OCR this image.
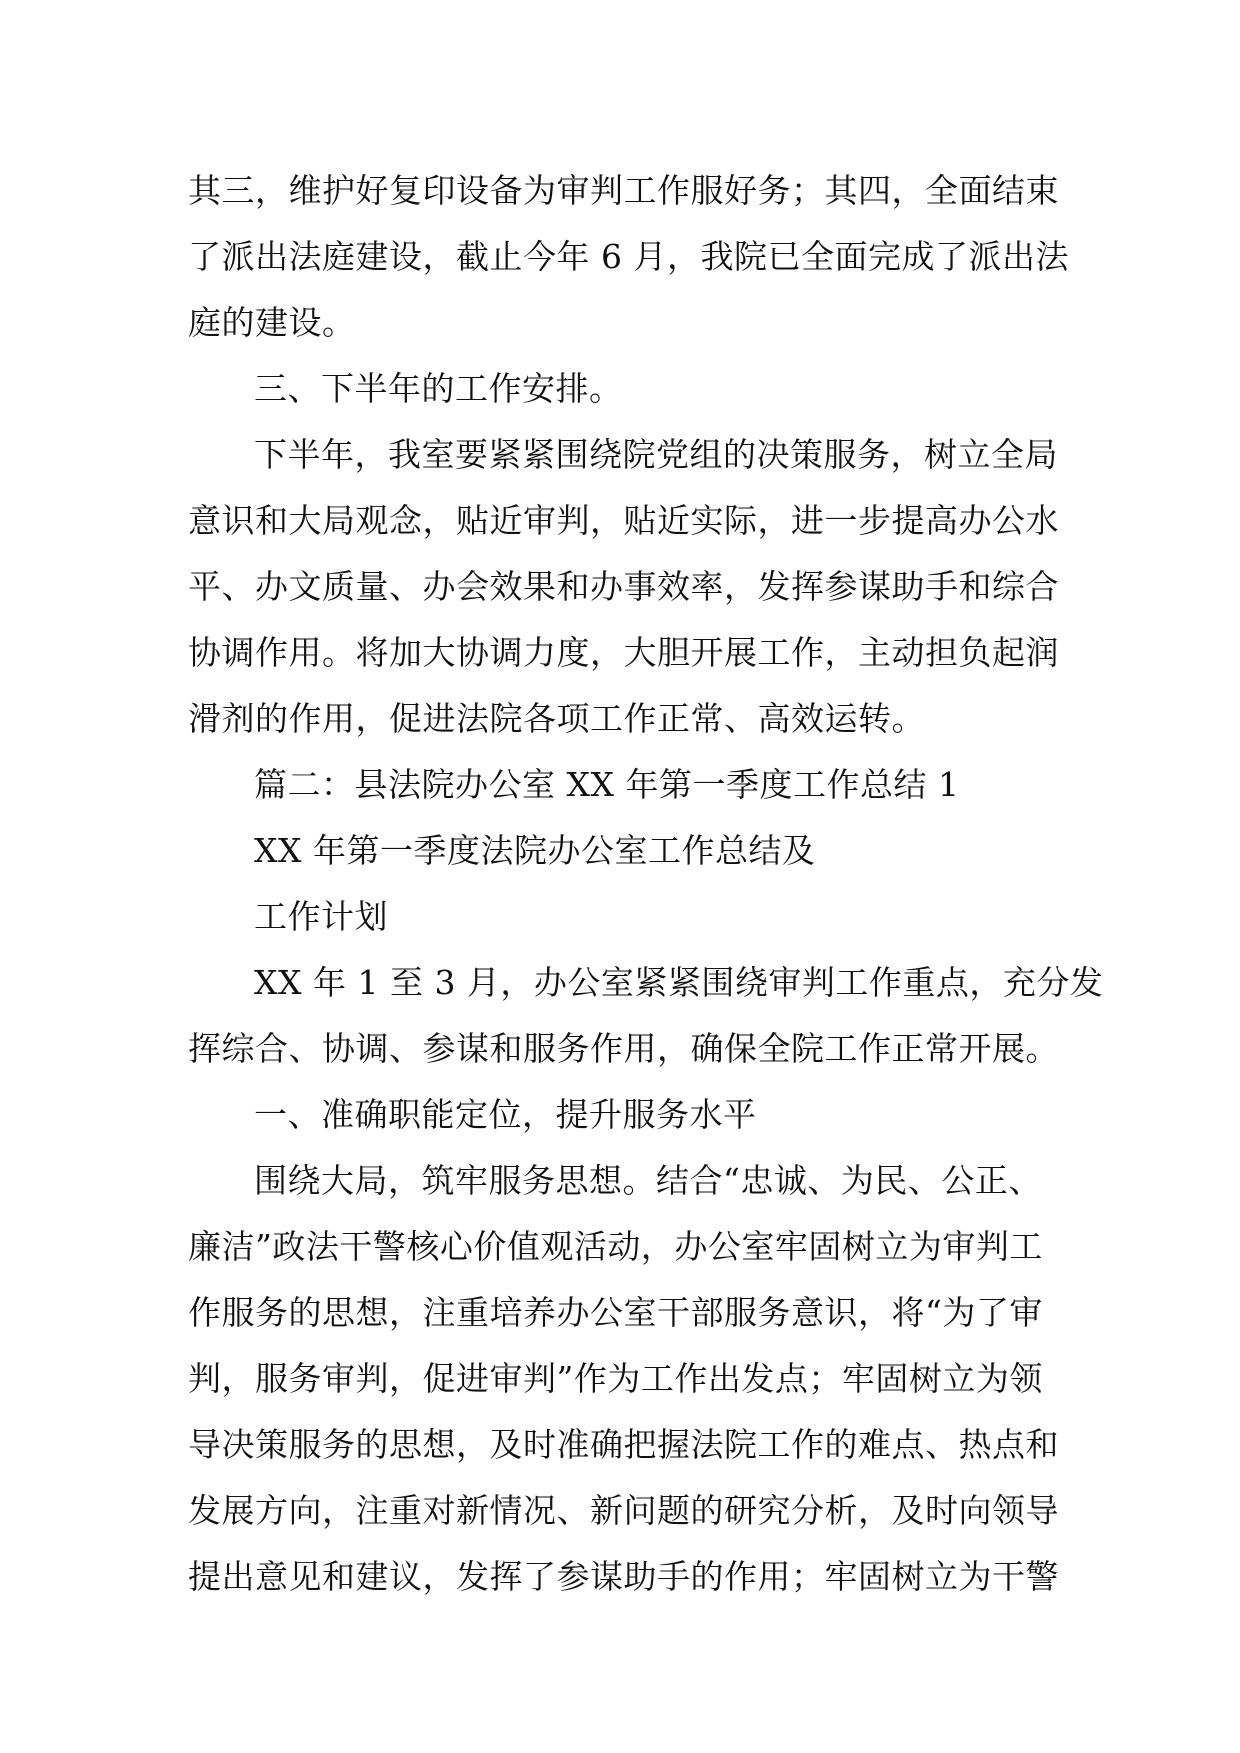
其三，维护好复印设备为审判工作服好务；其四，全面结束

了派出法庭建设，截止今年 6 月，我院已全面完成了派出法

庭的建设。

三、下半年的工作安排。

下半年，我室要紧紧围绕院党组的决策服务，树立全局

意识和大局观念，贴近审判，贴近实际，进一步提高办公水

平、办文质量、办会效果和办事效率，发挥参谋助手和综合

协调作用。将加大协调力度，大胆开展工作，主动担负起润

滑剂的作用，促进法院各项工作正常、高效运转。

篇二：县法院办公室 XX 年第一季度工作总结 1

XX 年第一季度法院办公室工作总结及

工作计划

XX 年 1 至 3 月，办公室紧紧围绕审判工作重点，充分发

挥综合、协调、参谋和服务作用，确保全院工作正常开展。

一、准确职能定位，提升服务水平

围绕大局，筑牢服务思想。结合“忠诚、为民、公正、

廉洁”政法干警核心价值观活动，办公室牢固树立为审判工

作服务的思想，注重培养办公室干部服务意识，将“为了审

判，服务审判，促进审判”作为工作出发点；牢固树立为领

导决策服务的思想，及时准确把握法院工作的难点、热点和

发展方向，注重对新情况、新问题的研究分析，及时向领导

提出意见和建议，发挥了参谋助手的作用；牢固树立为干警
